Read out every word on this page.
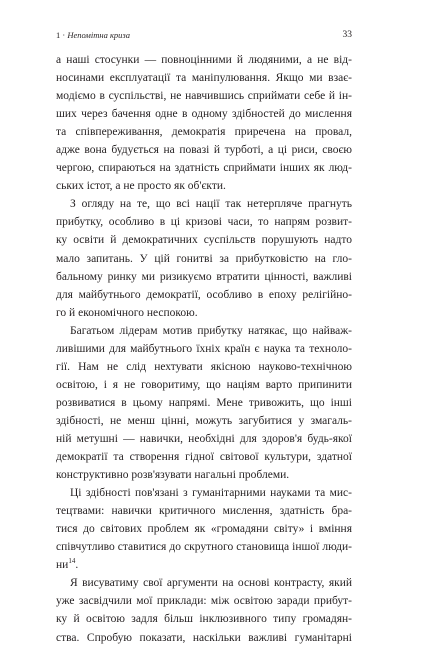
1 · Непомітна криза	33
а наші стосунки — повноцінними й людяними, а не від-
носинами експлуатації та маніпулювання. Якщо ми взає-
модіємо в суспільстві, не навчившись сприймати себе й ін-
ших через бачення одне в одному здібностей до мислення
та співпереживання, демократія приречена на провал,
адже вона будується на повазі й турботі, а ці риси, своєю
чергою, спираються на здатність сприймати інших як люд-
ських істот, а не просто як об'єкти.
З огляду на те, що всі нації так нетерпляче прагнуть
прибутку, особливо в ці кризові часи, то напрям розвит-
ку освіти й демократичних суспільств порушують надто
мало запитань. У цій гонитві за прибутковістю на гло-
бальному ринку ми ризикуємо втратити цінності, важливі
для майбутнього демократії, особливо в епоху релігійно-
го й економічного неспокою.
Багатьом лідерам мотив прибутку натякає, що найваж-
ливішими для майбутнього їхніх країн є наука та техноло-
гії. Нам не слід нехтувати якісною науково-технічною
освітою, і я не говоритиму, що націям варто припинити
розвиватися в цьому напрямі. Мене тривожить, що інші
здібності, не менш цінні, можуть загубитися у змагаль-
ній метушні — навички, необхідні для здоров'я будь-якої
демократії та створення гідної світової культури, здатної
конструктивно розв'язувати нагальні проблеми.
Ці здібності пов'язані з гуманітарними науками та мис-
тецтвами: навички критичного мислення, здатність бра-
тися до світових проблем як «громадяни світу» і вміння
співчутливо ставитися до скрутного становища іншої люди-
$ни^{14}$.
Я висуватиму свої аргументи на основі контрасту, який
уже засвідчили мої приклади: між освітою заради прибут-
ку й освітою задля більш інклюзивного типу громадян-
ства. Спробую показати, наскільки важливі гуманітарні
